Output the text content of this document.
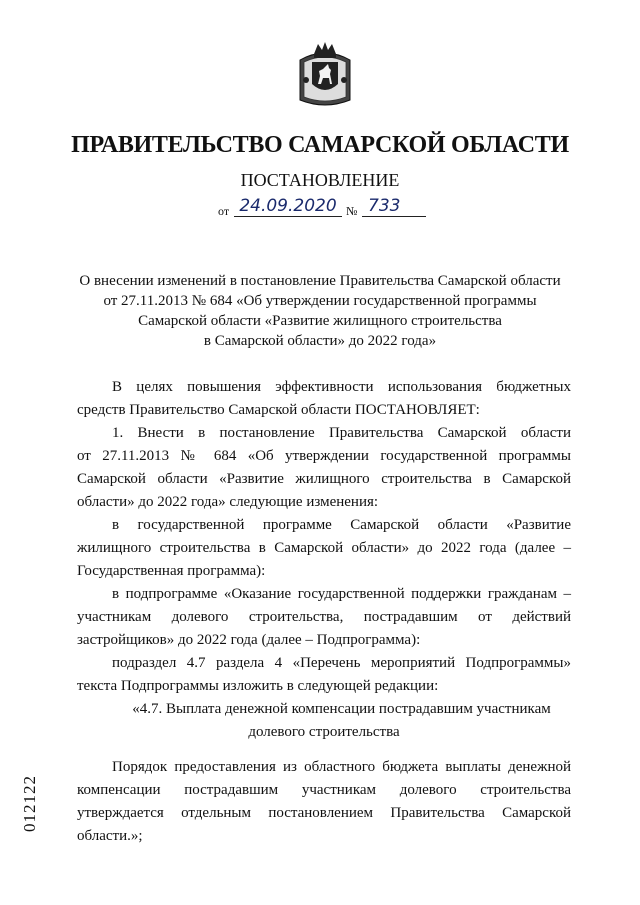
ПРАВИТЕЛЬСТВО САМАРСКОЙ ОБЛАСТИ
ПОСТАНОВЛЕНИЕ
от 24.09.2020 № 733
О внесении изменений в постановление Правительства Самарской области
от 27.11.2013 № 684 «Об утверждении государственной программы
Самарской области «Развитие жилищного строительства
в Самарской области» до 2022 года»
В целях повышения эффективности использования бюджетных
средств Правительство Самарской области ПОСТАНОВЛЯЕТ:
1. Внести в постановление Правительства Самарской области
от 27.11.2013 № 684 «Об утверждении государственной программы
Самарской области «Развитие жилищного строительства в Самарской
области» до 2022 года» следующие изменения:
в государственной программе Самарской области «Развитие
жилищного строительства в Самарской области» до 2022 года (далее –
Государственная программа):
в подпрограмме «Оказание государственной поддержки гражданам –
участникам долевого строительства, пострадавшим от действий
застройщиков» до 2022 года (далее – Подпрограмма):
подраздел 4.7 раздела 4 «Перечень мероприятий Подпрограммы»
текста Подпрограммы изложить в следующей редакции:
«4.7. Выплата денежной компенсации пострадавшим участникам
долевого строительства
Порядок предоставления из областного бюджета выплаты денежной
компенсации пострадавшим участникам долевого строительства
утверждается отдельным постановлением Правительства Самарской
области.»;
012122
